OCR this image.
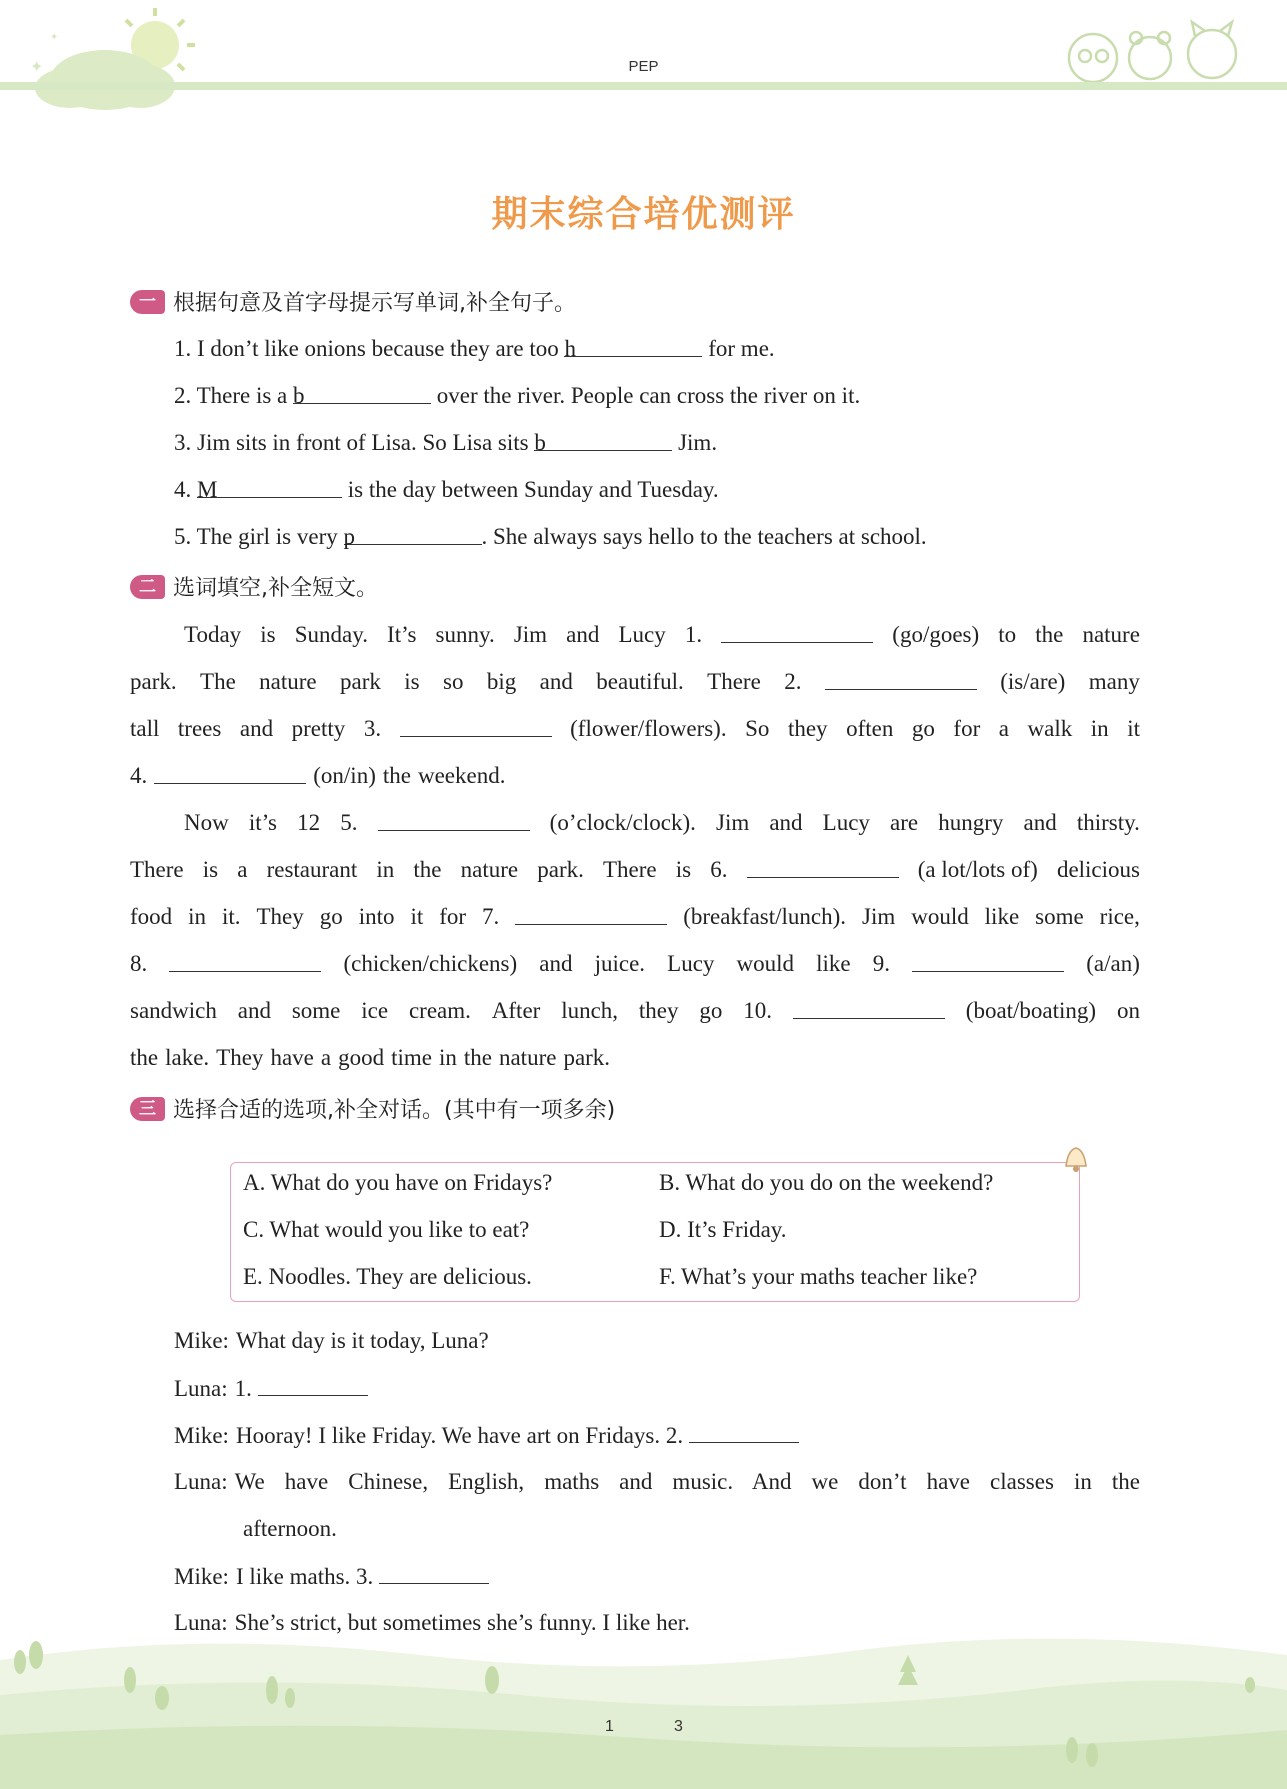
✦
✦
PEP
期末综合培优测评
一 根据句意及首字母提示写单词,补全句子。
1. I don’t like onions because they are too h	for me.
2. There is a b	over the river. People can cross the river on it.
3. Jim sits in front of Lisa. So Lisa sits b	Jim.
4. M	is the day between Sunday and Tuesday.
5. The girl is very p	. She always says hello to the teachers at school.
二 选词填空,补全短文。
Today is Sunday. It’s sunny. Jim and Lucy 1.	(go/goes) to the nature
park. The nature park is so big and beautiful. There 2.	(is/are) many
tall trees and pretty 3.	(flower/flowers). So they often go for a walk in it
4.	(on/in) the weekend.
Now it’s 12 5.	(o’clock/clock). Jim and Lucy are hungry and thirsty.
There is a restaurant in the nature park. There is 6.	(a lot/lots of) delicious
food in it. They go into it for 7.	(breakfast/lunch). Jim would like some rice,
8.	(chicken/chickens) and juice. Lucy would like 9.	(a/an)
sandwich and some ice cream. After lunch, they go 10.	(boat/boating) on
the lake. They have a good time in the nature park.
三 选择合适的选项,补全对话。(其中有一项多余)
A. What do you have on Fridays?	B. What do you do on the weekend?
C. What would you like to eat?	D. It’s Friday.
E. Noodles. They are delicious.	F. What’s your maths teacher like?
Mike: What day is it today, Luna?
Luna: 1.
Mike: Hooray! I like Friday. We have art on Fridays. 2.
Luna: We have Chinese, English, maths and music. And we don’t have classes in the
afternoon.
Mike: I like maths. 3.
Luna: She’s strict, but sometimes she’s funny. I like her.
1	3
